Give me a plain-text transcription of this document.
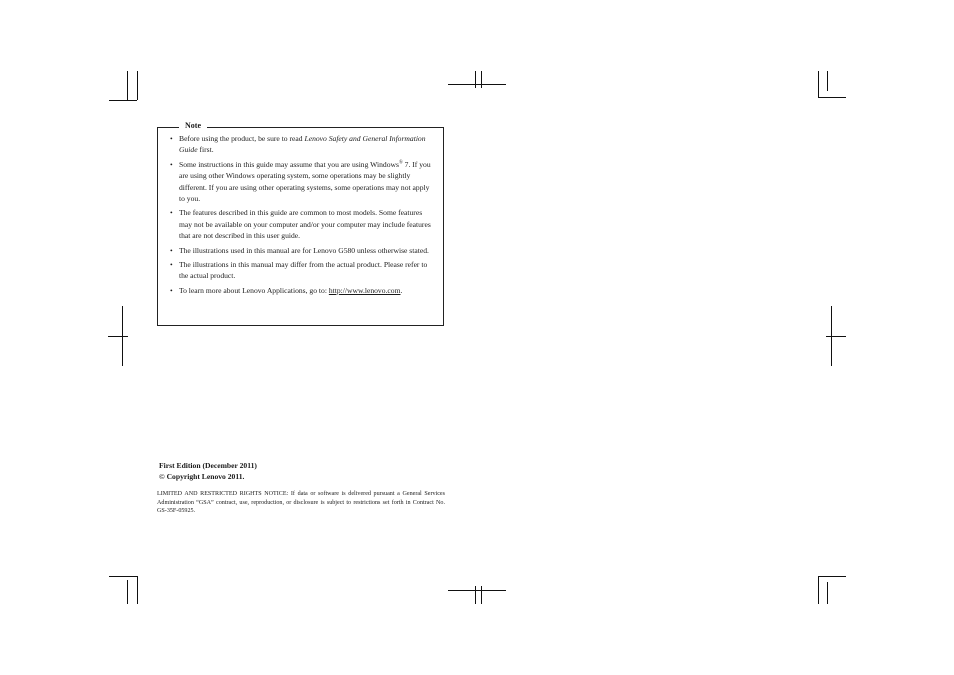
Note
• Before using the product, be sure to read Lenovo Safety and General Information Guide first.
• Some instructions in this guide may assume that you are using Windows® 7. If you are using other Windows operating system, some operations may be slightly different. If you are using other operating systems, some operations may not apply to you.
• The features described in this guide are common to most models. Some features may not be available on your computer and/or your computer may include features that are not described in this user guide.
• The illustrations used in this manual are for Lenovo G580 unless otherwise stated.
• The illustrations in this manual may differ from the actual product. Please refer to the actual product.
• To learn more about Lenovo Applications, go to: http://www.lenovo.com.
First Edition (December 2011)
© Copyright Lenovo 2011.
LIMITED AND RESTRICTED RIGHTS NOTICE: If data or software is delivered pursuant a General Services Administration “GSA” contract, use, reproduction, or disclosure is subject to restrictions set forth in Contract No. GS-35F-05925.
